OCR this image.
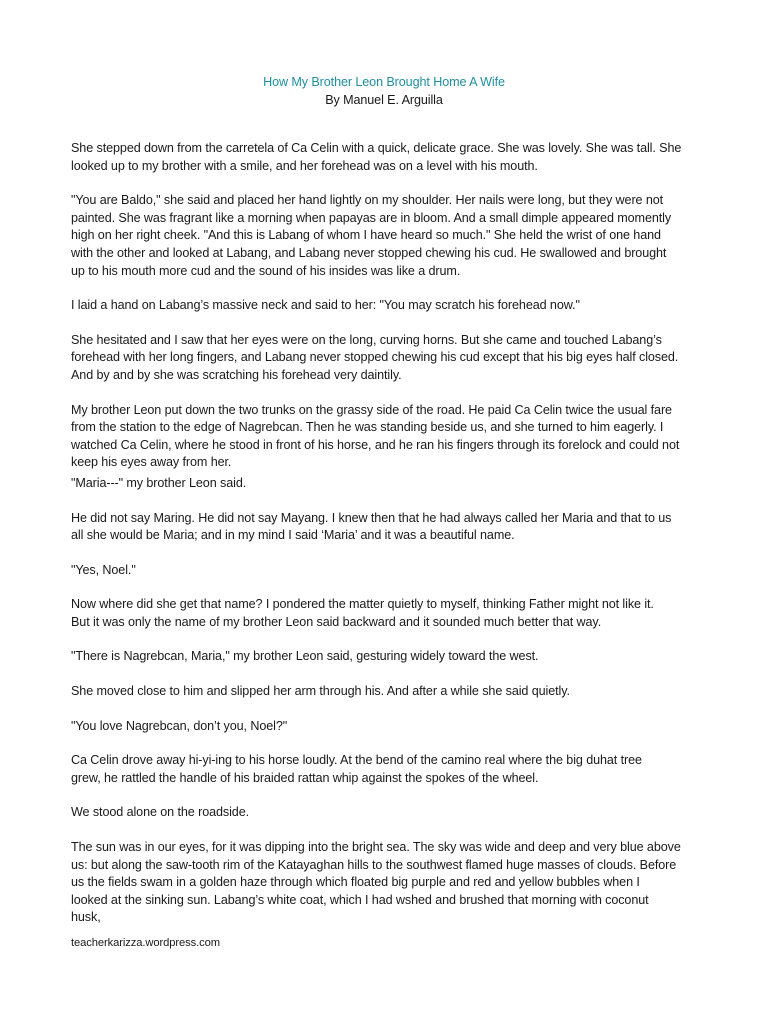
How My Brother Leon Brought Home A Wife
By Manuel E. Arguilla

She stepped down from the carretela of Ca Celin with a quick, delicate grace. She was lovely. She was tall. She
looked up to my brother with a smile, and her forehead was on a level with his mouth.

"You are Baldo," she said and placed her hand lightly on my shoulder. Her nails were long, but they were not
painted. She was fragrant like a morning when papayas are in bloom. And a small dimple appeared momently
high on her right cheek. "And this is Labang of whom I have heard so much." She held the wrist of one hand
with the other and looked at Labang, and Labang never stopped chewing his cud. He swallowed and brought
up to his mouth more cud and the sound of his insides was like a drum.

I laid a hand on Labang’s massive neck and said to her: "You may scratch his forehead now."

She hesitated and I saw that her eyes were on the long, curving horns. But she came and touched Labang’s
forehead with her long fingers, and Labang never stopped chewing his cud except that his big eyes half closed.
And by and by she was scratching his forehead very daintily.

My brother Leon put down the two trunks on the grassy side of the road. He paid Ca Celin twice the usual fare
from the station to the edge of Nagrebcan. Then he was standing beside us, and she turned to him eagerly. I
watched Ca Celin, where he stood in front of his horse, and he ran his fingers through its forelock and could not
keep his eyes away from her.

"Maria---" my brother Leon said.

He did not say Maring. He did not say Mayang. I knew then that he had always called her Maria and that to us
all she would be Maria; and in my mind I said ‘Maria’ and it was a beautiful name.

"Yes, Noel."

Now where did she get that name? I pondered the matter quietly to myself, thinking Father might not like it.
But it was only the name of my brother Leon said backward and it sounded much better that way.

"There is Nagrebcan, Maria," my brother Leon said, gesturing widely toward the west.

She moved close to him and slipped her arm through his. And after a while she said quietly.

"You love Nagrebcan, don’t you, Noel?"

Ca Celin drove away hi-yi-ing to his horse loudly. At the bend of the camino real where the big duhat tree
grew, he rattled the handle of his braided rattan whip against the spokes of the wheel.

We stood alone on the roadside.

The sun was in our eyes, for it was dipping into the bright sea. The sky was wide and deep and very blue above
us: but along the saw-tooth rim of the Katayaghan hills to the southwest flamed huge masses of clouds. Before
us the fields swam in a golden haze through which floated big purple and red and yellow bubbles when I
looked at the sinking sun. Labang’s white coat, which I had wshed and brushed that morning with coconut
husk,

teacherkarizza.wordpress.com
